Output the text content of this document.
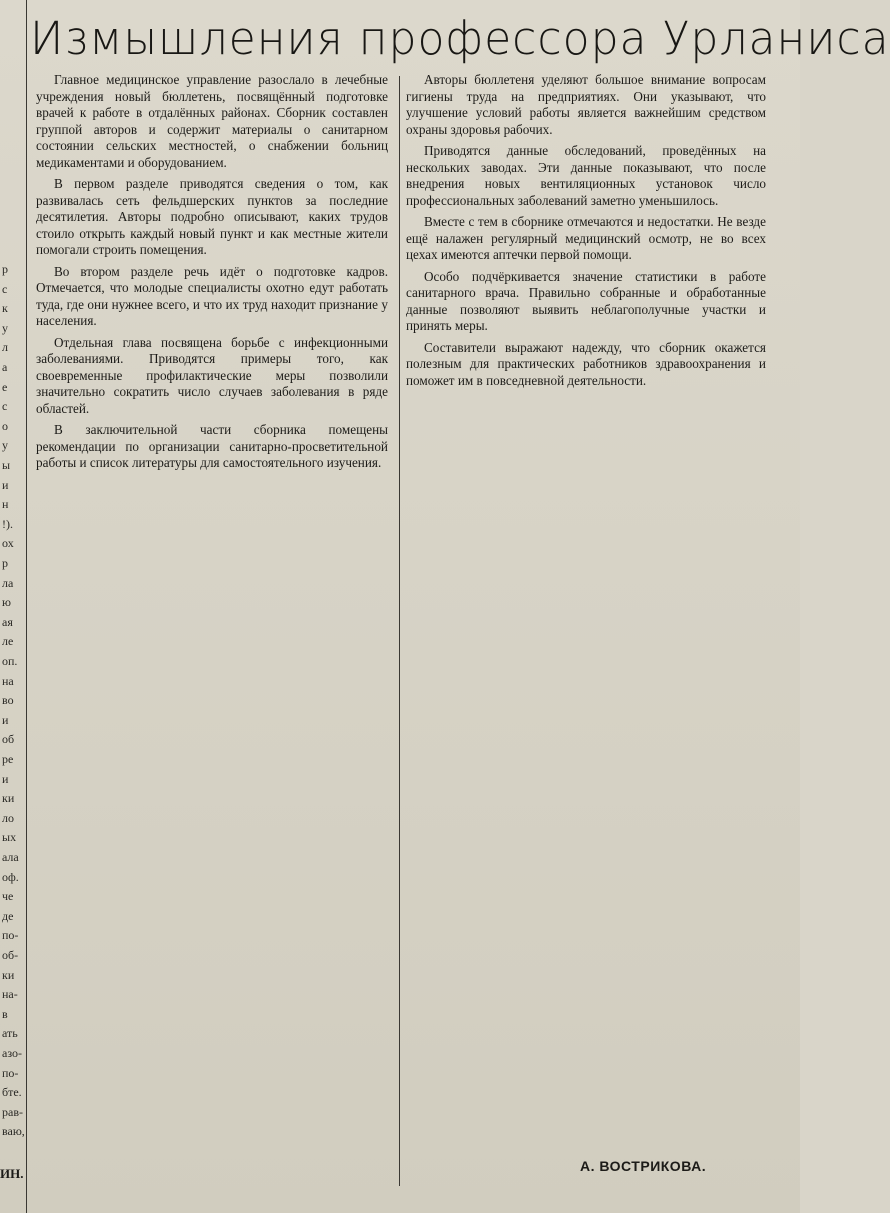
р
с
к
у
л
а
е
с
о
у
ы
и
н
!).
ох
р
ла
ю
ая
ле
оп.
на
во
и
об
ре
и
ки
ло
ых
ала
оф.
че
де
по-
об-
ки
на-
в
ать
азо-
по-
бте.
рав-
ваю,
Измышления профессора Урланиса

Главное медицинское управление разослало в лечебные учреждения новый бюллетень, посвящённый подготовке врачей к работе в отдалённых районах. Сборник составлен группой авторов и содержит материалы о санитарном состоянии сельских местностей, о снабжении больниц медикаментами и оборудованием.

В первом разделе приводятся сведения о том, как развивалась сеть фельдшерских пунктов за последние десятилетия. Авторы подробно описывают, каких трудов стоило открыть каждый новый пункт и как местные жители помогали строить помещения.

Во втором разделе речь идёт о подготовке кадров. Отмечается, что молодые специалисты охотно едут работать туда, где они нужнее всего, и что их труд находит признание у населения.

Отдельная глава посвящена борьбе с инфекционными заболеваниями. Приводятся примеры того, как своевременные профилактические меры позволили значительно сократить число случаев заболевания в ряде областей.

В заключительной части сборника помещены рекомендации по организации санитарно-просветительной работы и список литературы для самостоятельного изучения.

Авторы бюллетеня уделяют большое внимание вопросам гигиены труда на предприятиях. Они указывают, что улучшение условий работы является важнейшим средством охраны здоровья рабочих.

Приводятся данные обследований, проведённых на нескольких заводах. Эти данные показывают, что после внедрения новых вентиляционных установок число профессиональных заболеваний заметно уменьшилось.

Вместе с тем в сборнике отмечаются и недостатки. Не везде ещё налажен регулярный медицинский осмотр, не во всех цехах имеются аптечки первой помощи.

Особо подчёркивается значение статистики в работе санитарного врача. Правильно собранные и обработанные данные позволяют выявить неблагополучные участки и принять меры.

Составители выражают надежду, что сборник окажется полезным для практических работников здравоохранения и поможет им в повседневной деятельности.

А. ВОСТРИКОВА.
ИН.
